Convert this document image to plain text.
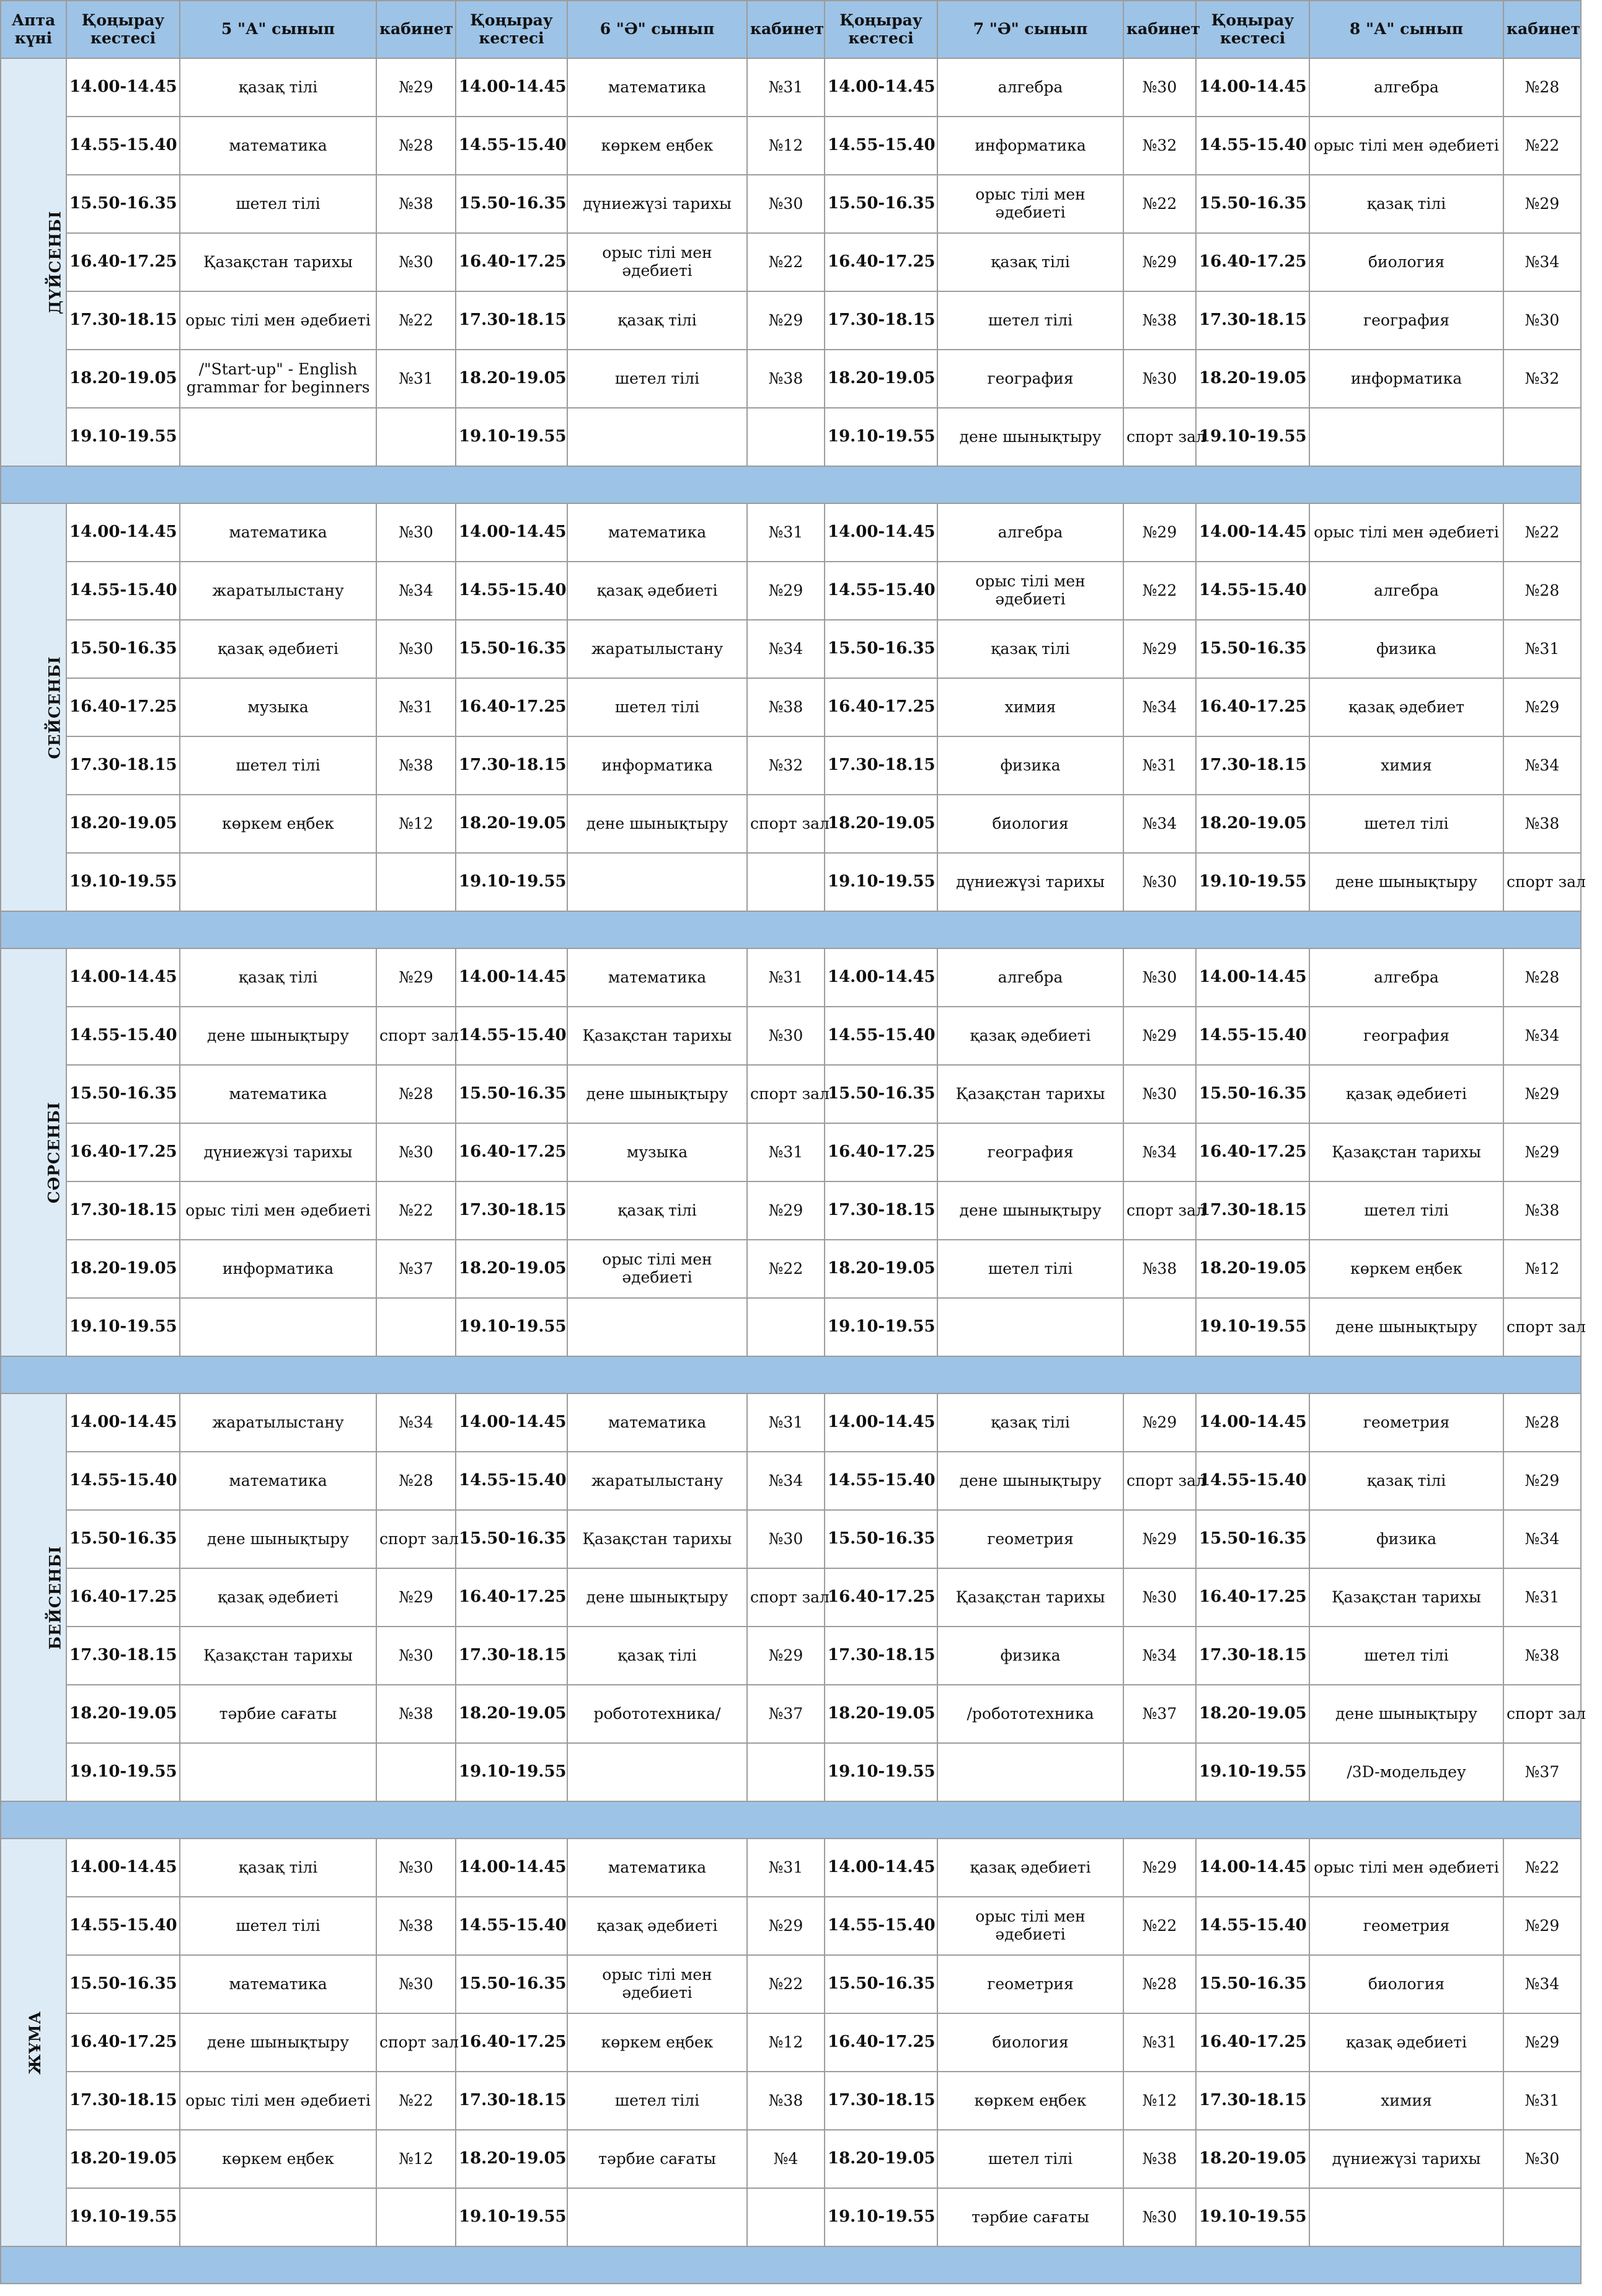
Апта күні	Қоңырау кестесі	5 "А" сынып	кабинет	Қоңырау кестесі	6 "Ә" сынып	кабинет	Қоңырау кестесі	7 "Ә" сынып	кабинет	Қоңырау кестесі	8 "А" сынып	кабинет
ДҮЙСЕНБІ	14.00-14.45	қазақ тілі	№29	14.00-14.45	математика	№31	14.00-14.45	алгебра	№30	14.00-14.45	алгебра	№28
	14.55-15.40	математика	№28	14.55-15.40	көркем еңбек	№12	14.55-15.40	информатика	№32	14.55-15.40	орыс тілі мен әдебиеті	№22
	15.50-16.35	шетел тілі	№38	15.50-16.35	дүниежүзі тарихы	№30	15.50-16.35	орыс тілі мен әдебиеті	№22	15.50-16.35	қазақ тілі	№29
	16.40-17.25	Қазақстан тарихы	№30	16.40-17.25	орыс тілі мен әдебиеті	№22	16.40-17.25	қазақ тілі	№29	16.40-17.25	биология	№34
	17.30-18.15	орыс тілі мен әдебиеті	№22	17.30-18.15	қазақ тілі	№29	17.30-18.15	шетел тілі	№38	17.30-18.15	география	№30
	18.20-19.05	/"Start-up" - English grammar for beginners	№31	18.20-19.05	шетел тілі	№38	18.20-19.05	география	№30	18.20-19.05	информатика	№32
	19.10-19.55			19.10-19.55			19.10-19.55	дене шынықтыру	спорт зал	19.10-19.55		

СЕЙСЕНБІ	14.00-14.45	математика	№30	14.00-14.45	математика	№31	14.00-14.45	алгебра	№29	14.00-14.45	орыс тілі мен әдебиеті	№22
	14.55-15.40	жаратылыстану	№34	14.55-15.40	қазақ әдебиеті	№29	14.55-15.40	орыс тілі мен әдебиеті	№22	14.55-15.40	алгебра	№28
	15.50-16.35	қазақ әдебиеті	№30	15.50-16.35	жаратылыстану	№34	15.50-16.35	қазақ тілі	№29	15.50-16.35	физика	№31
	16.40-17.25	музыка	№31	16.40-17.25	шетел тілі	№38	16.40-17.25	химия	№34	16.40-17.25	қазақ әдебиет	№29
	17.30-18.15	шетел тілі	№38	17.30-18.15	информатика	№32	17.30-18.15	физика	№31	17.30-18.15	химия	№34
	18.20-19.05	көркем еңбек	№12	18.20-19.05	дене шынықтыру	спорт зал	18.20-19.05	биология	№34	18.20-19.05	шетел тілі	№38
	19.10-19.55			19.10-19.55			19.10-19.55	дүниежүзі тарихы	№30	19.10-19.55	дене шынықтыру	спорт зал

СӘРСЕНБІ	14.00-14.45	қазақ тілі	№29	14.00-14.45	математика	№31	14.00-14.45	алгебра	№30	14.00-14.45	алгебра	№28
	14.55-15.40	дене шынықтыру	спорт зал	14.55-15.40	Қазақстан тарихы	№30	14.55-15.40	қазақ әдебиеті	№29	14.55-15.40	география	№34
	15.50-16.35	математика	№28	15.50-16.35	дене шынықтыру	спорт зал	15.50-16.35	Қазақстан тарихы	№30	15.50-16.35	қазақ әдебиеті	№29
	16.40-17.25	дүниежүзі тарихы	№30	16.40-17.25	музыка	№31	16.40-17.25	география	№34	16.40-17.25	Қазақстан тарихы	№29
	17.30-18.15	орыс тілі мен әдебиеті	№22	17.30-18.15	қазақ тілі	№29	17.30-18.15	дене шынықтыру	спорт зал	17.30-18.15	шетел тілі	№38
	18.20-19.05	информатика	№37	18.20-19.05	орыс тілі мен әдебиеті	№22	18.20-19.05	шетел тілі	№38	18.20-19.05	көркем еңбек	№12
	19.10-19.55			19.10-19.55			19.10-19.55			19.10-19.55	дене шынықтыру	спорт зал

БЕЙСЕНБІ	14.00-14.45	жаратылыстану	№34	14.00-14.45	математика	№31	14.00-14.45	қазақ тілі	№29	14.00-14.45	геометрия	№28
	14.55-15.40	математика	№28	14.55-15.40	жаратылыстану	№34	14.55-15.40	дене шынықтыру	спорт зал	14.55-15.40	қазақ тілі	№29
	15.50-16.35	дене шынықтыру	спорт зал	15.50-16.35	Қазақстан тарихы	№30	15.50-16.35	геометрия	№29	15.50-16.35	физика	№34
	16.40-17.25	қазақ әдебиеті	№29	16.40-17.25	дене шынықтыру	спорт зал	16.40-17.25	Қазақстан тарихы	№30	16.40-17.25	Қазақстан тарихы	№31
	17.30-18.15	Қазақстан тарихы	№30	17.30-18.15	қазақ тілі	№29	17.30-18.15	физика	№34	17.30-18.15	шетел тілі	№38
	18.20-19.05	тәрбие сағаты	№38	18.20-19.05	робототехника/	№37	18.20-19.05	/робототехника	№37	18.20-19.05	дене шынықтыру	спорт зал
	19.10-19.55			19.10-19.55			19.10-19.55			19.10-19.55	/3D-модельдеу	№37

ЖҰМА	14.00-14.45	қазақ тілі	№30	14.00-14.45	математика	№31	14.00-14.45	қазақ әдебиеті	№29	14.00-14.45	орыс тілі мен әдебиеті	№22
	14.55-15.40	шетел тілі	№38	14.55-15.40	қазақ әдебиеті	№29	14.55-15.40	орыс тілі мен әдебиеті	№22	14.55-15.40	геометрия	№29
	15.50-16.35	математика	№30	15.50-16.35	орыс тілі мен әдебиеті	№22	15.50-16.35	геометрия	№28	15.50-16.35	биология	№34
	16.40-17.25	дене шынықтыру	спорт зал	16.40-17.25	көркем еңбек	№12	16.40-17.25	биология	№31	16.40-17.25	қазақ әдебиеті	№29
	17.30-18.15	орыс тілі мен әдебиеті	№22	17.30-18.15	шетел тілі	№38	17.30-18.15	көркем еңбек	№12	17.30-18.15	химия	№31
	18.20-19.05	көркем еңбек	№12	18.20-19.05	тәрбие сағаты	№4	18.20-19.05	шетел тілі	№38	18.20-19.05	дүниежүзі тарихы	№30
	19.10-19.55			19.10-19.55			19.10-19.55	тәрбие сағаты	№30	19.10-19.55		
